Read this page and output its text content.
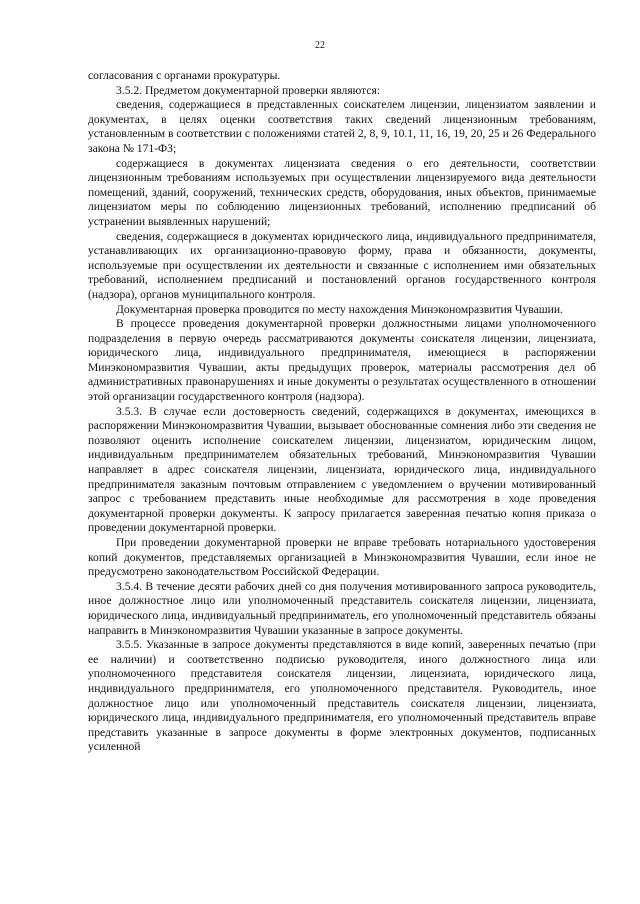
22

согласования с органами прокуратуры.

3.5.2. Предметом документарной проверки являются:

сведения, содержащиеся в представленных соискателем лицензии, лицензиатом заявлении и документах, в целях оценки соответствия таких сведений лицензионным требованиям, установленным в соответствии с положениями статей 2, 8, 9, 10.1, 11, 16, 19, 20, 25 и 26 Федерального закона № 171-ФЗ;

содержащиеся в документах лицензиата сведения о его деятельности, соответствии лицензионным требованиям используемых при осуществлении лицензируемого вида деятельности помещений, зданий, сооружений, технических средств, оборудования, иных объектов, принимаемые лицензиатом меры по соблюдению лицензионных требований, исполнению предписаний об устранении выявленных нарушений;

сведения, содержащиеся в документах юридического лица, индивидуального предпринимателя, устанавливающих их организационно-правовую форму, права и обязанности, документы, используемые при осуществлении их деятельности и связанные с исполнением ими обязательных требований, исполнением предписаний и постановлений органов государственного контроля (надзора), органов муниципального контроля.

Документарная проверка проводится по месту нахождения Минэкономразвития Чувашии.

В процессе проведения документарной проверки должностными лицами уполномоченного подразделения в первую очередь рассматриваются документы соискателя лицензии, лицензиата, юридического лица, индивидуального предпринимателя, имеющиеся в распоряжении Минэкономразвития Чувашии, акты предыдущих проверок, материалы рассмотрения дел об административных правонарушениях и иные документы о результатах осуществленного в отношении этой организации государственного контроля (надзора).

3.5.3. В случае если достоверность сведений, содержащихся в документах, имеющихся в распоряжении Минэкономразвития Чувашии, вызывает обоснованные сомнения либо эти сведения не позволяют оценить исполнение соискателем лицензии, лицензиатом, юридическим лицом, индивидуальным предпринимателем обязательных требований, Минэкономразвития Чувашии направляет в адрес соискателя лицензии, лицензиата, юридического лица, индивидуального предпринимателя заказным почтовым отправлением с уведомлением о вручении мотивированный запрос с требованием представить иные необходимые для рассмотрения в ходе проведения документарной проверки документы. К запросу прилагается заверенная печатью копия приказа о проведении документарной проверки.

При проведении документарной проверки не вправе требовать нотариального удостоверения копий документов, представляемых организацией в Минэкономразвития Чувашии, если иное не предусмотрено законодательством Российской Федерации.

3.5.4. В течение десяти рабочих дней со дня получения мотивированного запроса руководитель, иное должностное лицо или уполномоченный представитель соискателя лицензии, лицензиата, юридического лица, индивидуальный предприниматель, его уполномоченный представитель обязаны направить в Минэкономразвития Чувашии указанные в запросе документы.

3.5.5. Указанные в запросе документы представляются в виде копий, заверенных печатью (при ее наличии) и соответственно подписью руководителя, иного должностного лица или уполномоченного представителя соискателя лицензии, лицензиата, юридического лица, индивидуального предпринимателя, его уполномоченного представителя. Руководитель, иное должностное лицо или уполномоченный представитель соискателя лицензии, лицензиата, юридического лица, индивидуального предпринимателя, его уполномоченный представитель вправе представить указанные в запросе документы в форме электронных документов, подписанных усиленной
